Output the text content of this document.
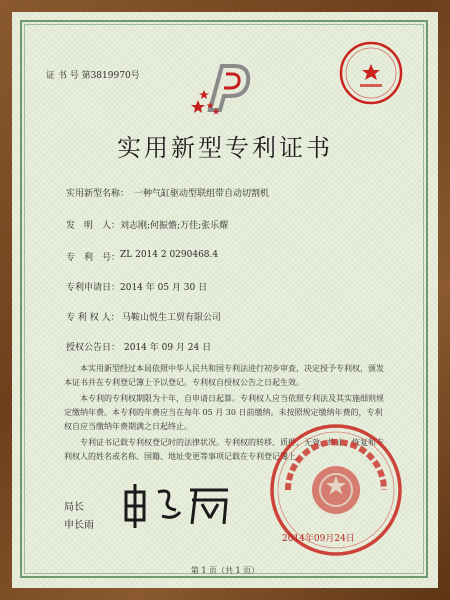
证 书 号 第3819970号
实用新型专利证书
实用新型名称： 一种气缸驱动型联组带自动切割机
发　明　人： 刘志刚;何振憺;万佳;张乐耀
专　利　号： ZL 2014 2 0290468.4
专利申请日： 2014 年 05 月 30 日
专 利 权 人： 马鞍山悦生工贸有限公司
授权公告日： 2014 年 09 月 24 日
本实用新型经过本局依照中华人民共和国专利法进行初步审查，决定授予专利权，颁发本证书并在专利登记簿上予以登记。专利权自授权公告之日起生效。
本专利的专利权期限为十年，自申请日起算。专利权人应当依照专利法及其实施细则规定缴纳年费。本专利的年费应当在每年 05 月 30 日前缴纳。未按照规定缴纳年费的，专利权自应当缴纳年费期满之日起终止。
专利证书记载专利权登记时的法律状况。专利权的转移、质押、无效、终止、恢复和专利权人的姓名或名称、国籍、地址变更等事项记载在专利登记簿上。
局长
申长雨
2014年09月24日
第 1 页（共 1 页）
